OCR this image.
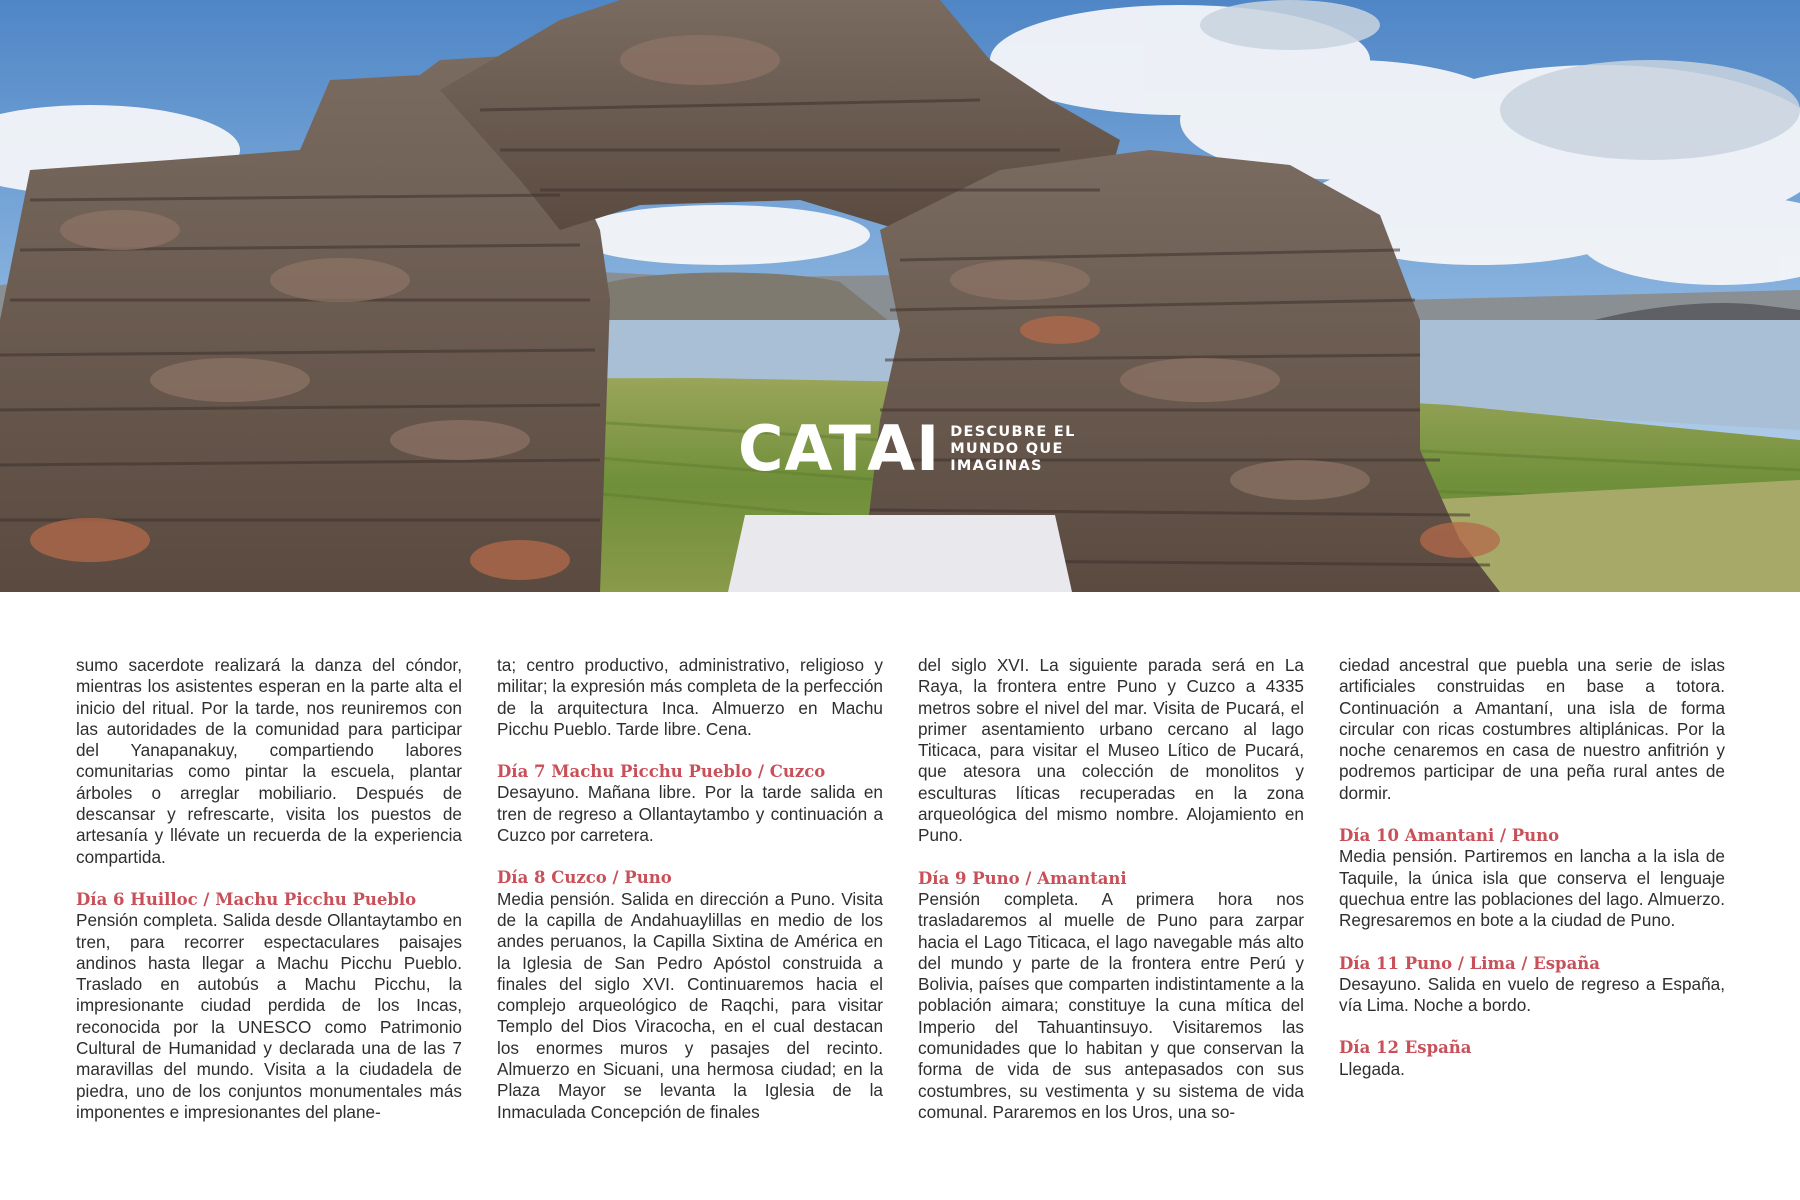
CATAI DESCUBRE EL
MUNDO QUE
IMAGINAS

sumo sacerdote realizará la danza del cóndor, mientras los asistentes esperan en la parte alta el inicio del ritual. Por la tarde, nos reuniremos con las autoridades de la comunidad para participar del Yanapanakuy, compartiendo labores comunitarias como pintar la escuela, plantar árboles o arreglar mobiliario. Después de descansar y refrescarte, visita los puestos de artesanía y llévate un recuerda de la experiencia compartida.

Día 6 Huilloc / Machu Picchu Pueblo

Pensión completa. Salida desde Ollantaytambo en tren, para recorrer espectaculares paisajes andinos hasta llegar a Machu Picchu Pueblo. Traslado en autobús a Machu Picchu, la impresionante ciudad perdida de los Incas, reconocida por la UNESCO como Patrimonio Cultural de Humanidad y declarada una de las 7 maravillas del mundo. Visita a la ciudadela de piedra, uno de los conjuntos monumentales más imponentes e impresionantes del plane-

ta; centro productivo, administrativo, religioso y militar; la expresión más completa de la perfección de la arquitectura Inca. Almuerzo en Machu Picchu Pueblo. Tarde libre. Cena.

Día 7 Machu Picchu Pueblo / Cuzco

Desayuno. Mañana libre. Por la tarde salida en tren de regreso a Ollantaytambo y continuación a Cuzco por carretera.

Día 8 Cuzco / Puno

Media pensión. Salida en dirección a Puno. Visita de la capilla de Andahuaylillas en medio de los andes peruanos, la Capilla Sixtina de América en la Iglesia de San Pedro Apóstol construida a finales del siglo XVI. Continuaremos hacia el complejo arqueológico de Raqchi, para visitar Templo del Dios Viracocha, en el cual destacan los enormes muros y pasajes del recinto. Almuerzo en Sicuani, una hermosa ciudad; en la Plaza Mayor se levanta la Iglesia de la Inmaculada Concepción de finales

del siglo XVI. La siguiente parada será en La Raya, la frontera entre Puno y Cuzco a 4335 metros sobre el nivel del mar. Visita de Pucará, el primer asentamiento urbano cercano al lago Titicaca, para visitar el Museo Lítico de Pucará, que atesora una colección de monolitos y esculturas líticas recuperadas en la zona arqueológica del mismo nombre. Alojamiento en Puno.

Día 9 Puno / Amantani

Pensión completa. A primera hora nos trasladaremos al muelle de Puno para zarpar hacia el Lago Titicaca, el lago navegable más alto del mundo y parte de la frontera entre Perú y Bolivia, países que comparten indistintamente a la población aimara; constituye la cuna mítica del Imperio del Tahuantinsuyo. Visitaremos las comunidades que lo habitan y que conservan la forma de vida de sus antepasados con sus costumbres, su vestimenta y su sistema de vida comunal. Pararemos en los Uros, una so-

ciedad ancestral que puebla una serie de islas artificiales construidas en base a totora. Continuación a Amantaní, una isla de forma circular con ricas costumbres altiplánicas. Por la noche cenaremos en casa de nuestro anfitrión y podremos participar de una peña rural antes de dormir.

Día 10 Amantani / Puno

Media pensión. Partiremos en lancha a la isla de Taquile, la única isla que conserva el lenguaje quechua entre las poblaciones del lago. Almuerzo. Regresaremos en bote a la ciudad de Puno.

Día 11 Puno / Lima / España

Desayuno. Salida en vuelo de regreso a España, vía Lima. Noche a bordo.

Día 12 España

Llegada.
